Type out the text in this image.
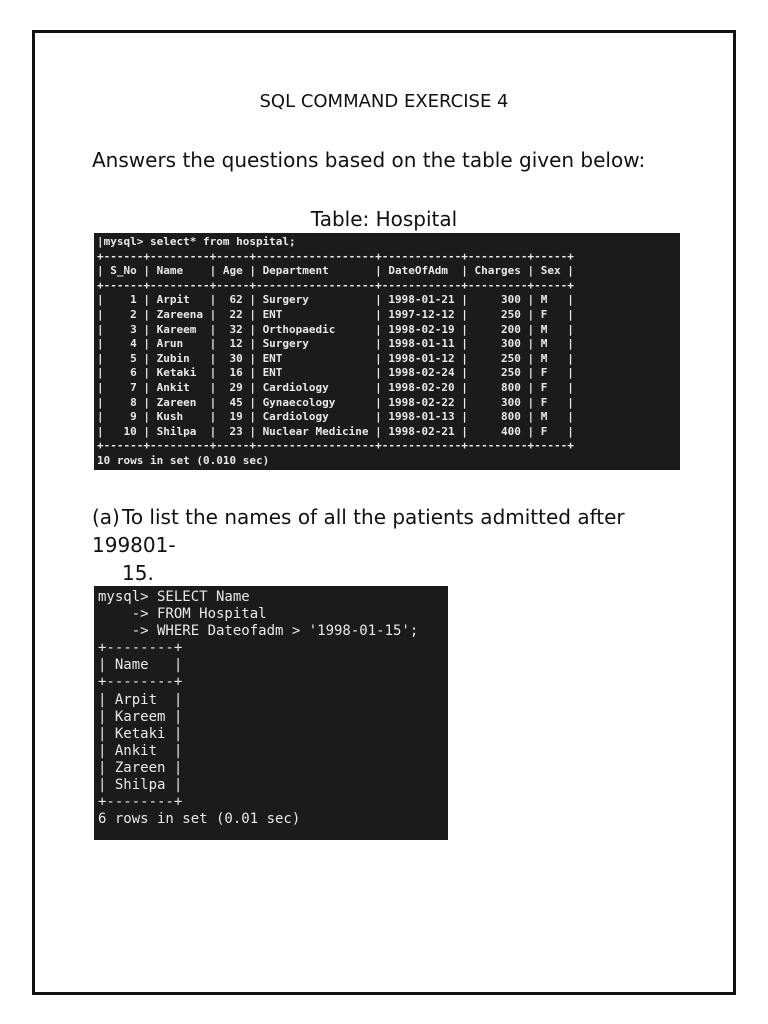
SQL COMMAND EXERCISE 4
Answers the questions based on the table given below:
Table: Hospital
|mysql> select* from hospital;
+------+---------+-----+------------------+------------+---------+-----+
| S_No | Name    | Age | Department       | DateOfAdm  | Charges | Sex |
+------+---------+-----+------------------+------------+---------+-----+
|    1 | Arpit   |  62 | Surgery          | 1998-01-21 |     300 | M   |
|    2 | Zareena |  22 | ENT              | 1997-12-12 |     250 | F   |
|    3 | Kareem  |  32 | Orthopaedic      | 1998-02-19 |     200 | M   |
|    4 | Arun    |  12 | Surgery          | 1998-01-11 |     300 | M   |
|    5 | Zubin   |  30 | ENT              | 1998-01-12 |     250 | M   |
|    6 | Ketaki  |  16 | ENT              | 1998-02-24 |     250 | F   |
|    7 | Ankit   |  29 | Cardiology       | 1998-02-20 |     800 | F   |
|    8 | Zareen  |  45 | Gynaecology      | 1998-02-22 |     300 | F   |
|    9 | Kush    |  19 | Cardiology       | 1998-01-13 |     800 | M   |
|   10 | Shilpa  |  23 | Nuclear Medicine | 1998-02-21 |     400 | F   |
+------+---------+-----+------------------+------------+---------+-----+
10 rows in set (0.010 sec)
(a) To list the names of all the patients admitted after 199801-
15.
mysql> SELECT Name
-> FROM Hospital
-> WHERE Dateofadm > '1998-01-15';
+--------+
| Name   |
+--------+
| Arpit  |
| Kareem |
| Ketaki |
| Ankit  |
| Zareen |
| Shilpa |
+--------+
6 rows in set (0.01 sec)
